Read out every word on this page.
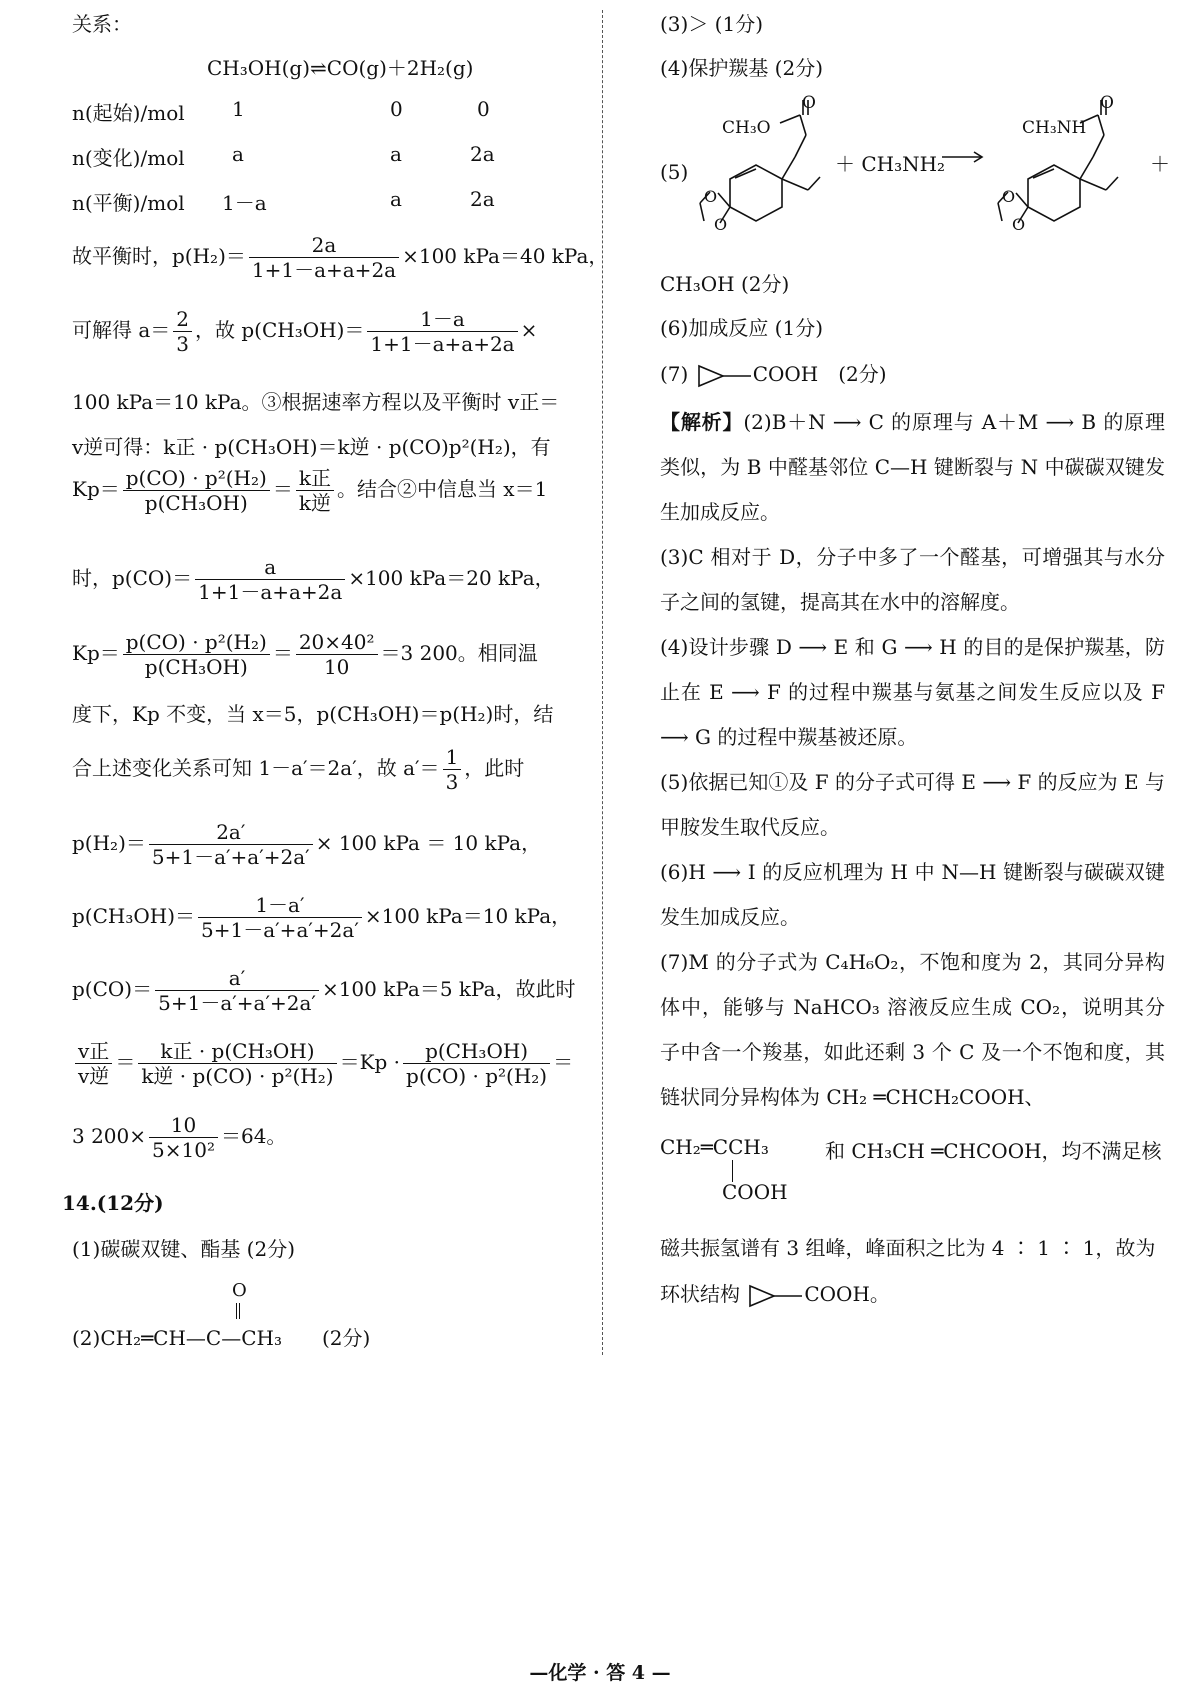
关系：
CH₃OH(g)⇌CO(g)＋2H₂(g)
n(起始)/mol 1	0	0
n(变化)/mol a	a	2a
n(平衡)/mol 1－a	a	2a
故平衡时，$p(H_2)= \frac{2a}{1+1-a+a+2a} \times 100$ kPa＝40 kPa，
可解得 $a= \frac{2}{3}$ ，故 $p(CH_3OH)= \frac{1-a}{1+1-a+a+2a}$ ×
100 kPa＝10 kPa。③根据速率方程以及平衡时 v正＝
v逆可得：k正 · p(CH₃OH)＝k逆 · p(CO)p²(H₂)，有
$Kp= \frac{\text{p(CO) · p²(H₂)}}{\text{p(CH₃OH)}} = \frac{\text{k正}}{\text{k逆}}$ 。结合②中信息当 x＝1
时，$p(CO)= \frac{a}{1+1-a+a+2a} \times 100$ kPa＝20 kPa，
$Kp= \frac{\text{p(CO) · p²(H₂)}}{\text{p(CH₃OH)}} = \frac{\text{20×40²}}{10} =3$ 200。相同温
度下，Kp 不变，当 x＝5，p(CH₃OH)＝p(H₂)时，结
合上述变化关系可知 1－a′＝2a′，故 $a'= \frac{1}{3}$ ，此时
$p(H_2)= \frac{2a'}{5+1-a'+a'+2a'} \times 100$ kPa ＝ 10 kPa，
$p(CH_3OH)= \frac{1-a'}{5+1-a'+a'+2a'} \times 100$ kPa＝10 kPa，
$p(CO)= \frac{a'}{5+1-a'+a'+2a'} \times 100$ kPa＝5 kPa，故此时
$\frac{\text{v正}}{\text{v逆}} = \frac{\text{k正 · p(CH₃OH)}}{\text{k逆 · p(CO) · p²(H₂)}} =Kp \cdot \frac{\text{p(CH₃OH)}}{\text{p(CO) · p²(H₂)}}$ ＝
3 $200\times \frac{10}{\text{5×10²}} =64$。
14.(12分)
(1)碳碳双键、酯基 (2分)
O
(2)CH₂═CH—C—CH₃ (2分)
(3)＞ (1分)
(4)保护羰基 (2分)
(5)
O
CH₃O
O
O
＋ CH₃NH₂
O
CH₃NH
O
O
＋
CH₃OH (2分)
(6)加成反应 (1分)
(7)	COOH (2分)
【解析】(2)B＋N ⟶ C 的原理与 A＋M ⟶ B 的原理类似，为 B 中醛基邻位 C—H 键断裂与 N 中碳碳双键发生加成反应。
(3)C 相对于 D，分子中多了一个醛基，可增强其与水分子之间的氢键，提高其在水中的溶解度。
(4)设计步骤 D ⟶ E 和 G ⟶ H 的目的是保护羰基，防止在 E ⟶ F 的过程中羰基与氨基之间发生反应以及 F ⟶ G 的过程中羰基被还原。
(5)依据已知①及 F 的分子式可得 E ⟶ F 的反应为 E 与甲胺发生取代反应。
(6)H ⟶ I 的反应机理为 H 中 N—H 键断裂与碳碳双键发生加成反应。
(7)M 的分子式为 C₄H₆O₂，不饱和度为 2，其同分异构体中，能够与 NaHCO₃ 溶液反应生成 CO₂，说明其分子中含一个羧基，如此还剩 3 个 C 及一个不饱和度，其链状同分异构体为 CH₂ ═CHCH₂COOH、
CH₂═CCH₃	和 CH₃CH ═CHCOOH，均不满足核
COOH
磁共振氢谱有 3 组峰，峰面积之比为 4 ∶ 1 ∶ 1，故为
环状结构	COOH。
—化学 · 答 4 —
